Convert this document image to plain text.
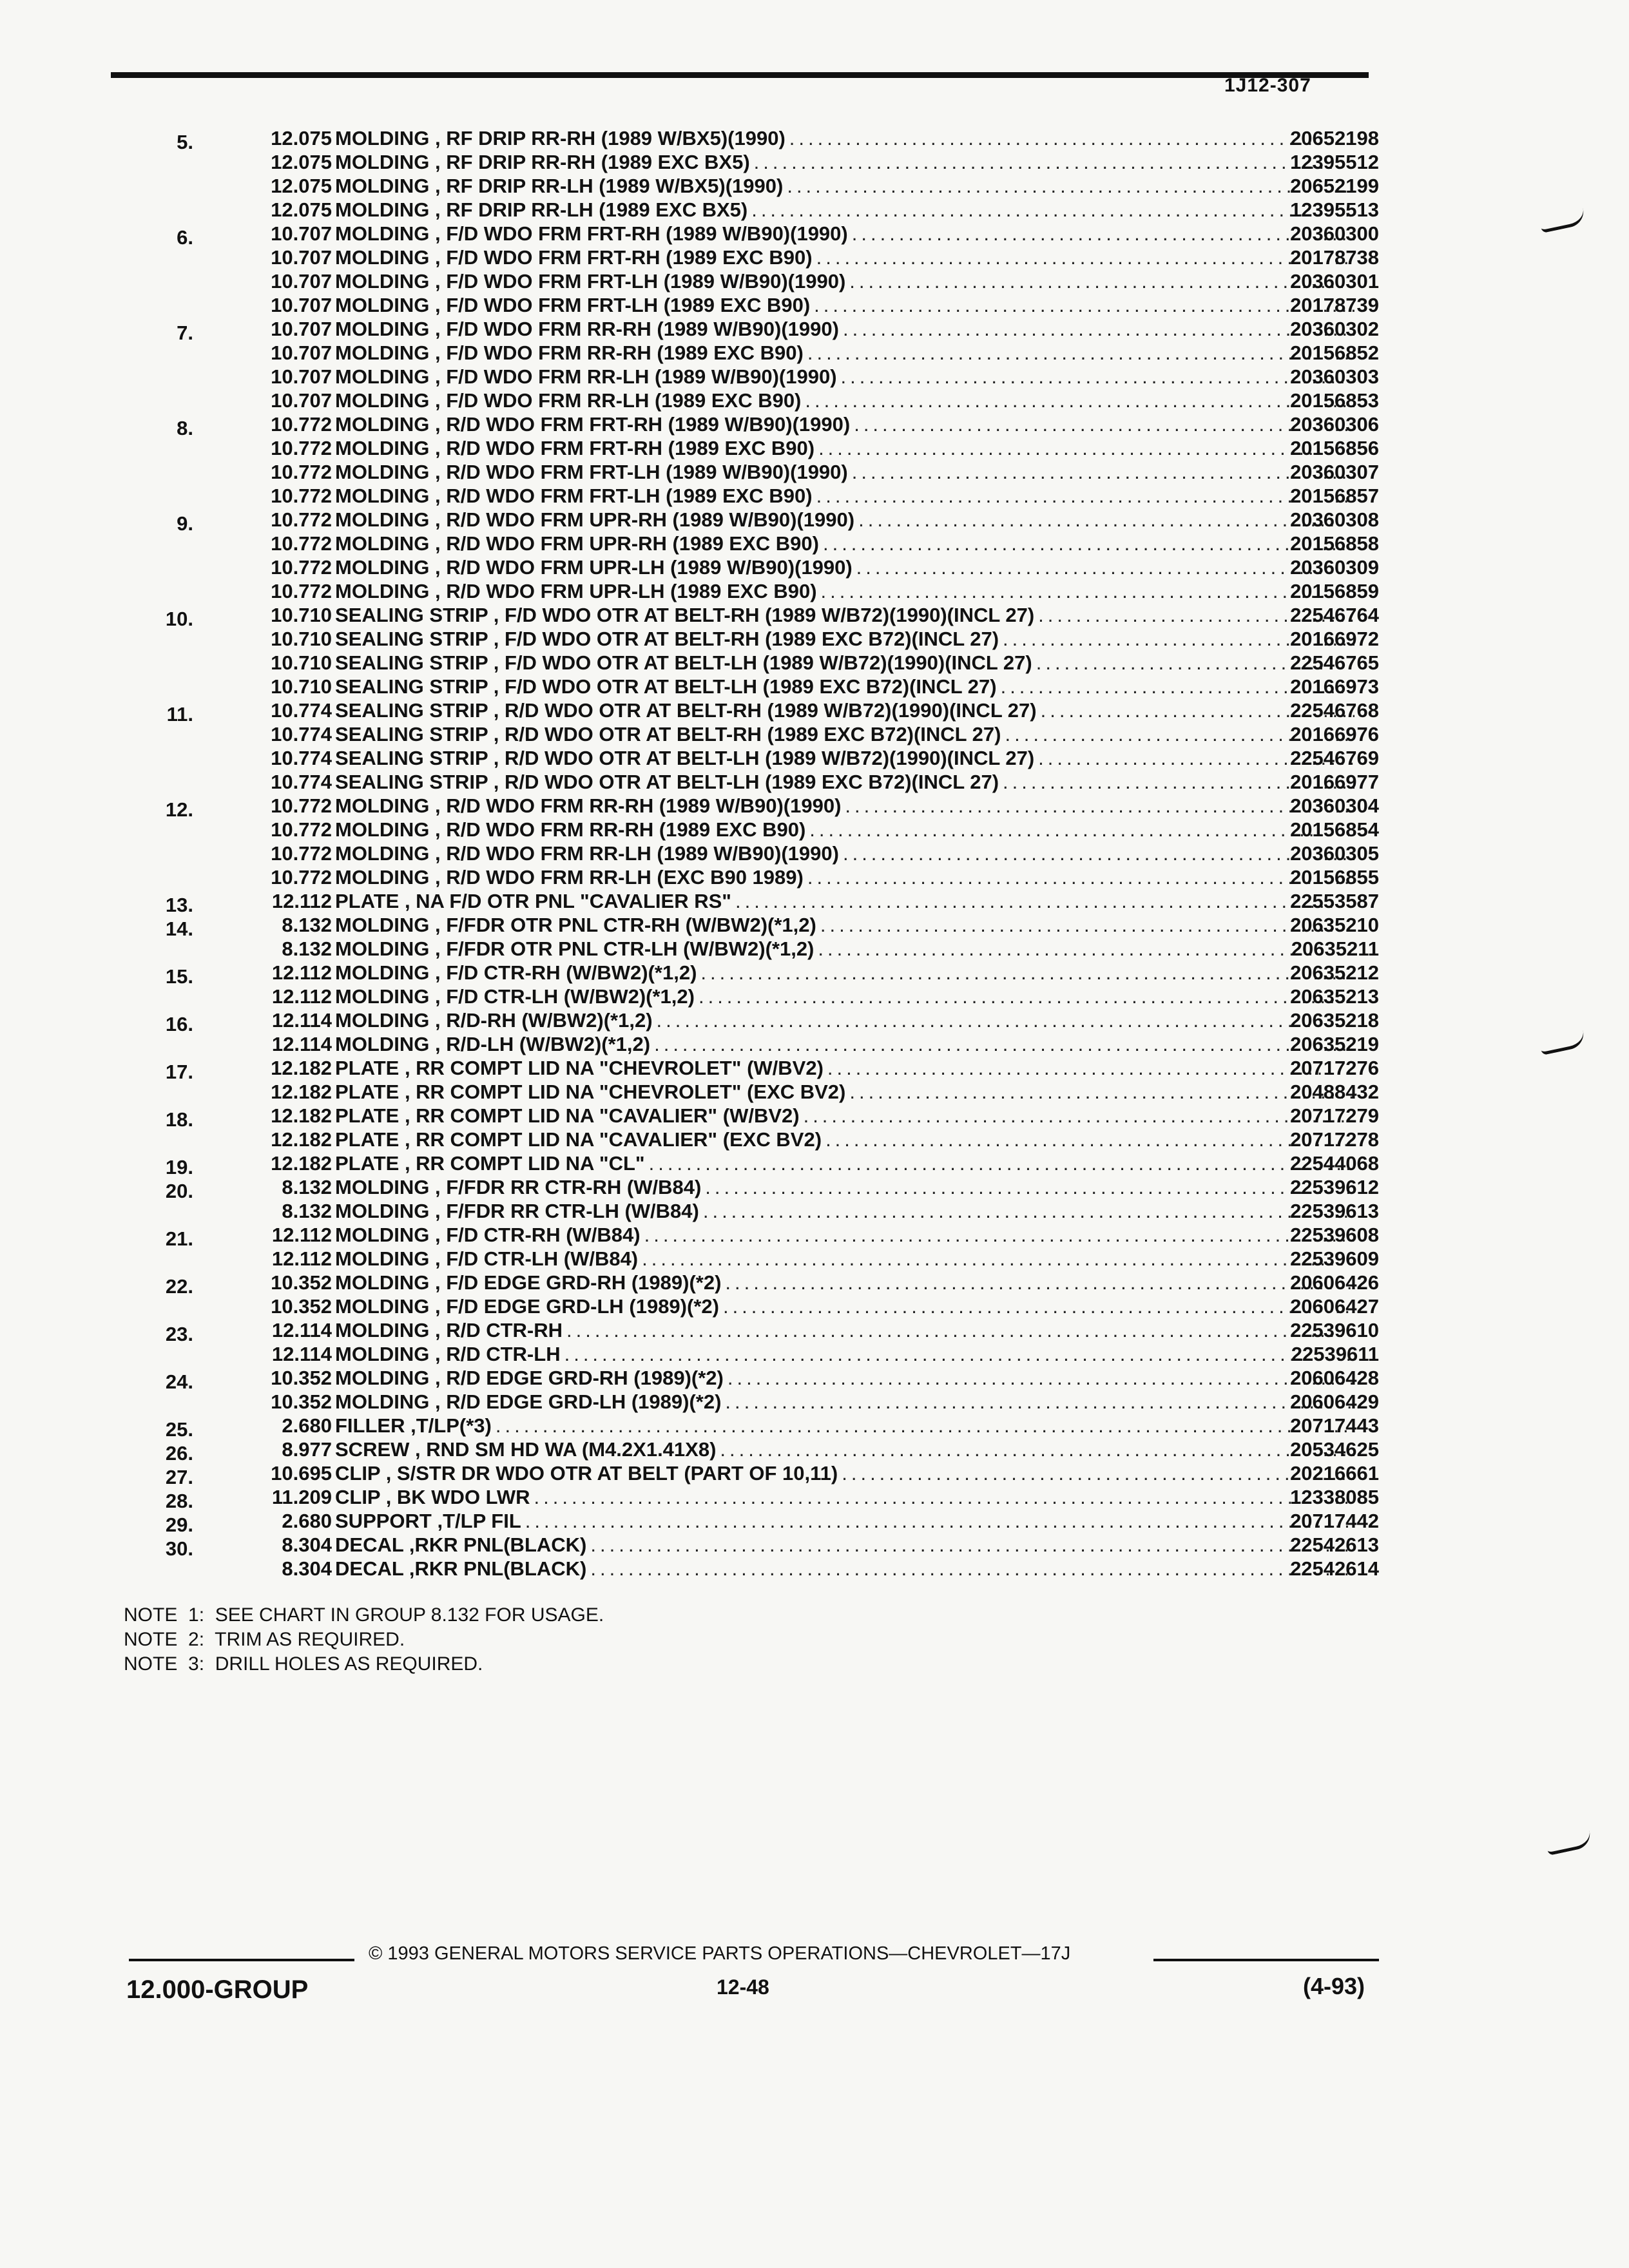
1J12-307
5.	12.075 MOLDING , RF DRIP RR-RH (1989 W/BX5)(1990) .....	20652198
12.075 MOLDING , RF DRIP RR-RH (1989 EXC BX5) .....	12395512
12.075 MOLDING , RF DRIP RR-LH (1989 W/BX5)(1990) .....	20652199
12.075 MOLDING , RF DRIP RR-LH (1989 EXC BX5) .....	12395513
6.	10.707 MOLDING , F/D WDO FRM FRT-RH (1989 W/B90)(1990) .....	20360300
10.707 MOLDING , F/D WDO FRM FRT-RH (1989 EXC B90) .....	20178738
10.707 MOLDING , F/D WDO FRM FRT-LH (1989 W/B90)(1990) .....	20360301
10.707 MOLDING , F/D WDO FRM FRT-LH (1989 EXC B90) .....	20178739
7.	10.707 MOLDING , F/D WDO FRM RR-RH (1989 W/B90)(1990) .....	20360302
10.707 MOLDING , F/D WDO FRM RR-RH (1989 EXC B90) .....	20156852
10.707 MOLDING , F/D WDO FRM RR-LH (1989 W/B90)(1990) .....	20360303
10.707 MOLDING , F/D WDO FRM RR-LH (1989 EXC B90) .....	20156853
8.	10.772 MOLDING , R/D WDO FRM FRT-RH (1989 W/B90)(1990) .....	20360306
10.772 MOLDING , R/D WDO FRM FRT-RH (1989 EXC B90) .....	20156856
10.772 MOLDING , R/D WDO FRM FRT-LH (1989 W/B90)(1990) .....	20360307
10.772 MOLDING , R/D WDO FRM FRT-LH (1989 EXC B90) .....	20156857
9.	10.772 MOLDING , R/D WDO FRM UPR-RH (1989 W/B90)(1990) .....	20360308
10.772 MOLDING , R/D WDO FRM UPR-RH (1989 EXC B90) .....	20156858
10.772 MOLDING , R/D WDO FRM UPR-LH (1989 W/B90)(1990) .....	20360309
10.772 MOLDING , R/D WDO FRM UPR-LH (1989 EXC B90) .....	20156859
10.	10.710 SEALING STRIP , F/D WDO OTR AT BELT-RH (1989 W/B72)(1990)(INCL 27) .....	22546764
10.710 SEALING STRIP , F/D WDO OTR AT BELT-RH (1989 EXC B72)(INCL 27) .....	20166972
10.710 SEALING STRIP , F/D WDO OTR AT BELT-LH (1989 W/B72)(1990)(INCL 27) .....	22546765
10.710 SEALING STRIP , F/D WDO OTR AT BELT-LH (1989 EXC B72)(INCL 27) .....	20166973
11.	10.774 SEALING STRIP , R/D WDO OTR AT BELT-RH (1989 W/B72)(1990)(INCL 27) .....	22546768
10.774 SEALING STRIP , R/D WDO OTR AT BELT-RH (1989 EXC B72)(INCL 27) .....	20166976
10.774 SEALING STRIP , R/D WDO OTR AT BELT-LH (1989 W/B72)(1990)(INCL 27) .....	22546769
10.774 SEALING STRIP , R/D WDO OTR AT BELT-LH (1989 EXC B72)(INCL 27) .....	20166977
12.	10.772 MOLDING , R/D WDO FRM RR-RH (1989 W/B90)(1990) .....	20360304
10.772 MOLDING , R/D WDO FRM RR-RH (1989 EXC B90) .....	20156854
10.772 MOLDING , R/D WDO FRM RR-LH (1989 W/B90)(1990) .....	20360305
10.772 MOLDING , R/D WDO FRM RR-LH (EXC B90 1989) .....	20156855
13.	12.112 PLATE , NA F/D OTR PNL "CAVALIER RS" .....	22553587
14.	8.132 MOLDING , F/FDR OTR PNL CTR-RH (W/BW2)(*1,2) .....	20635210
8.132 MOLDING , F/FDR OTR PNL CTR-LH (W/BW2)(*1,2) .....	20635211
15.	12.112 MOLDING , F/D CTR-RH (W/BW2)(*1,2) .....	20635212
12.112 MOLDING , F/D CTR-LH (W/BW2)(*1,2) .....	20635213
16.	12.114 MOLDING , R/D-RH (W/BW2)(*1,2) .....	20635218
12.114 MOLDING , R/D-LH (W/BW2)(*1,2) .....	20635219
17.	12.182 PLATE , RR COMPT LID NA "CHEVROLET" (W/BV2) .....	20717276
12.182 PLATE , RR COMPT LID NA "CHEVROLET" (EXC BV2) .....	20488432
18.	12.182 PLATE , RR COMPT LID NA "CAVALIER" (W/BV2) .....	20717279
12.182 PLATE , RR COMPT LID NA "CAVALIER" (EXC BV2) .....	20717278
19.	12.182 PLATE , RR COMPT LID NA "CL" .....	22544068
20.	8.132 MOLDING , F/FDR RR CTR-RH (W/B84) .....	22539612
8.132 MOLDING , F/FDR RR CTR-LH (W/B84) .....	22539613
21.	12.112 MOLDING , F/D CTR-RH (W/B84) .....	22539608
12.112 MOLDING , F/D CTR-LH (W/B84) .....	22539609
22.	10.352 MOLDING , F/D EDGE GRD-RH (1989)(*2) .....	20606426
10.352 MOLDING , F/D EDGE GRD-LH (1989)(*2) .....	20606427
23.	12.114 MOLDING , R/D CTR-RH .....	22539610
12.114 MOLDING , R/D CTR-LH .....	22539611
24.	10.352 MOLDING , R/D EDGE GRD-RH (1989)(*2) .....	20606428
10.352 MOLDING , R/D EDGE GRD-LH (1989)(*2) .....	20606429
25.	2.680 FILLER ,T/LP(*3) .....	20717443
26.	8.977 SCREW , RND SM HD WA (M4.2X1.41X8) .....	20534625
27.	10.695 CLIP , S/STR DR WDO OTR AT BELT (PART OF 10,11) .....	20216661
28.	11.209 CLIP , BK WDO LWR .....	12338085
29.	2.680 SUPPORT ,T/LP FIL .....	20717442
30.	8.304 DECAL ,RKR PNL(BLACK) .....	22542613
8.304 DECAL ,RKR PNL(BLACK) .....	22542614
NOTE  1:  SEE CHART IN GROUP 8.132 FOR USAGE.
NOTE  2:  TRIM AS REQUIRED.
NOTE  3:  DRILL HOLES AS REQUIRED.
© 1993 GENERAL MOTORS SERVICE PARTS OPERATIONS—CHEVROLET—17J
12.000-GROUP	12-48	(4-93)
